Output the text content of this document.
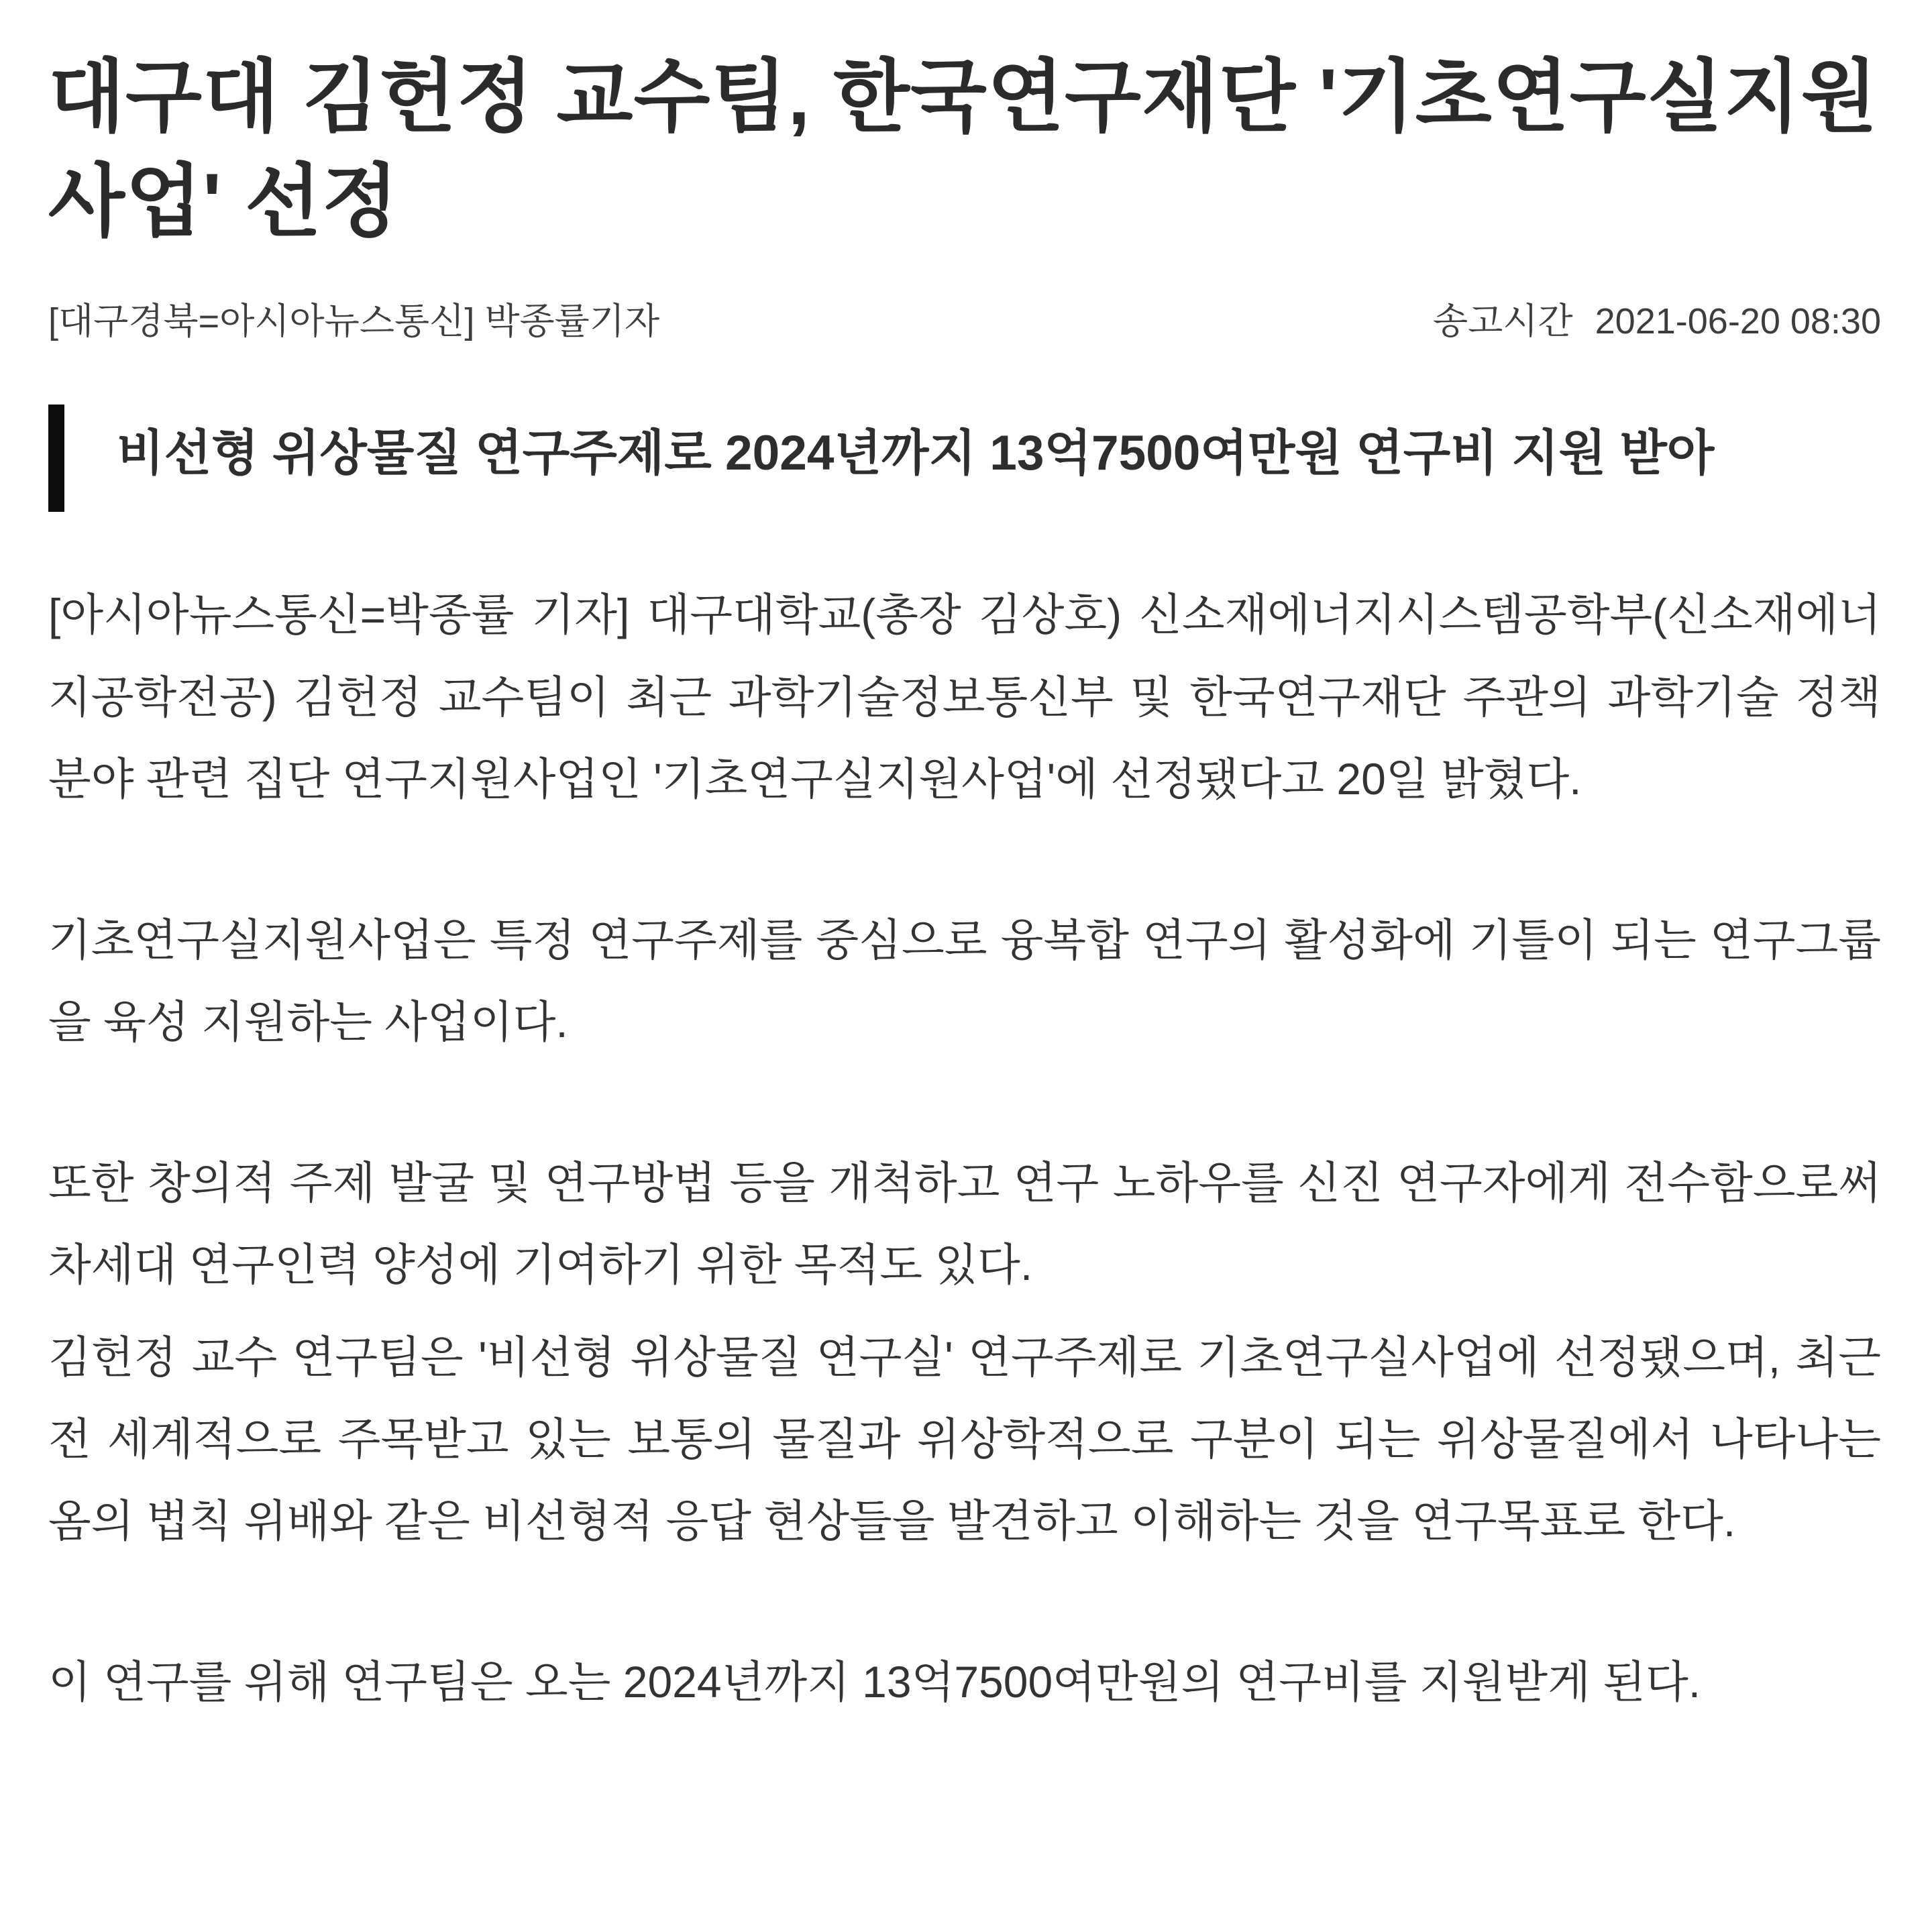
대구대 김헌정 교수팀, 한국연구재단 '기초연구실지원사업' 선정
[대구경북=아시아뉴스통신] 박종률기자	송고시간 2021-06-20 08:30
비선형 위상물질 연구주제로 2024년까지 13억7500여만원 연구비 지원 받아

[아시아뉴스통신=박종률 기자] 대구대학교(총장 김상호) 신소재에너지시스템공학부(신소재에너지공학전공) 김헌정 교수팀이 최근 과학기술정보통신부 및 한국연구재단 주관의 과학기술 정책분야 관련 집단 연구지원사업인 '기초연구실지원사업'에 선정됐다고 20일 밝혔다.

기초연구실지원사업은 특정 연구주제를 중심으로 융복합 연구의 활성화에 기틀이 되는 연구그룹을 육성 지원하는 사업이다.

또한 창의적 주제 발굴 및 연구방법 등을 개척하고 연구 노하우를 신진 연구자에게 전수함으로써 차세대 연구인력 양성에 기여하기 위한 목적도 있다.

김헌정 교수 연구팀은 '비선형 위상물질 연구실' 연구주제로 기초연구실사업에 선정됐으며, 최근 전 세계적으로 주목받고 있는 보통의 물질과 위상학적으로 구분이 되는 위상물질에서 나타나는 옴의 법칙 위배와 같은 비선형적 응답 현상들을 발견하고 이해하는 것을 연구목표로 한다.

이 연구를 위해 연구팀은 오는 2024년까지 13억7500여만원의 연구비를 지원받게 된다.
